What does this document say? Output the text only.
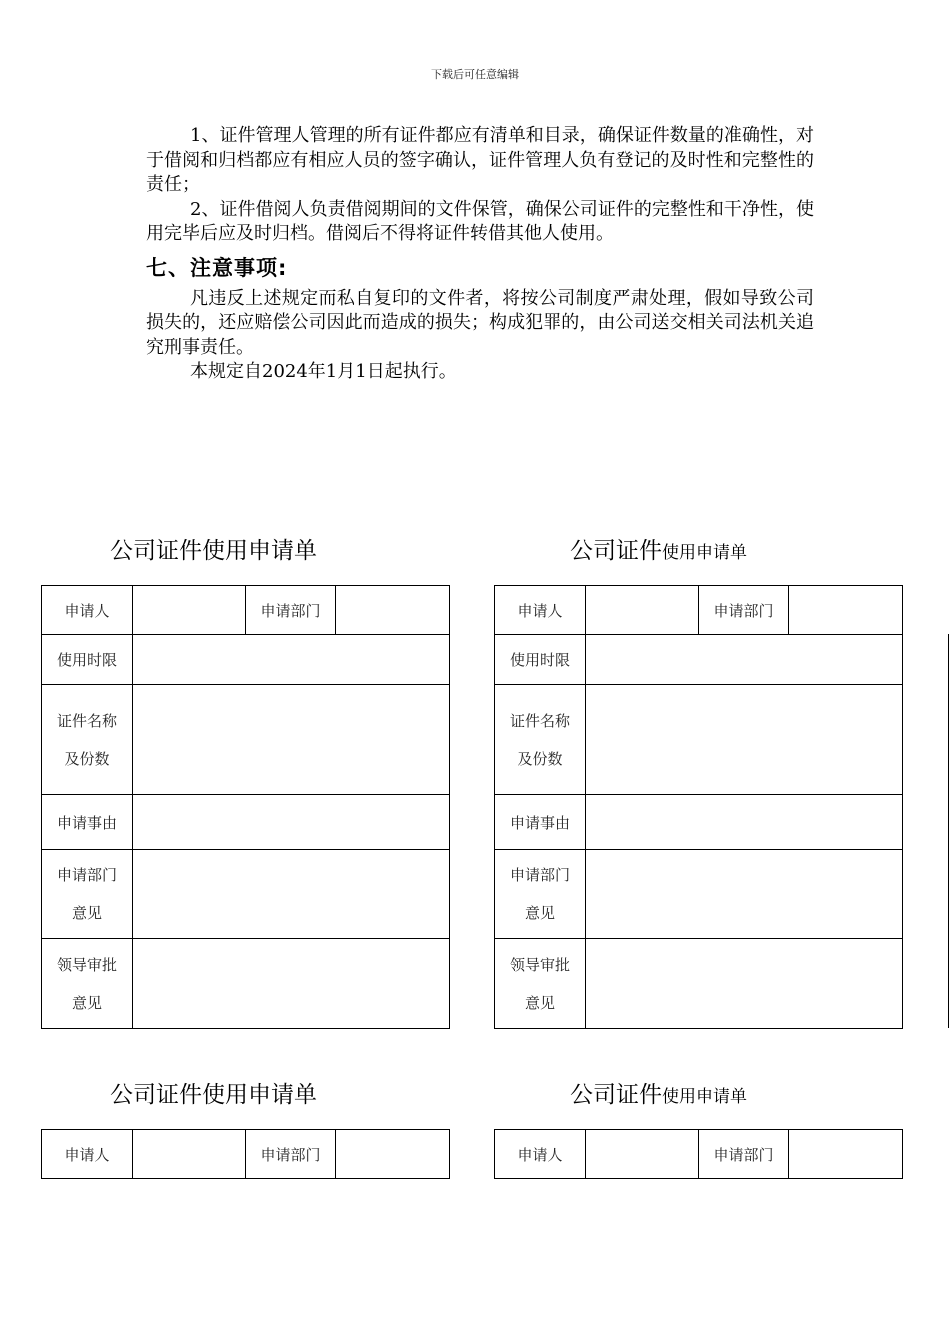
下载后可任意编辑

1、证件管理人管理的所有证件都应有清单和目录，确保证件数量的准确性，对于借阅和归档都应有相应人员的签字确认，证件管理人负有登记的及时性和完整性的责任；

2、证件借阅人负责借阅期间的文件保管，确保公司证件的完整性和干净性，使用完毕后应及时归档。借阅后不得将证件转借其他人使用。

七、注意事项:

凡违反上述规定而私自复印的文件者，将按公司制度严肃处理，假如导致公司损失的，还应赔偿公司因此而造成的损失；构成犯罪的，由公司送交相关司法机关追究刑事责任。

本规定自2024年1月1日起执行。

公司证件使用申请单	公司证件使用申请单
申请人		申请部门	
使用时限			

证件名称
及份数			

申请事由			

申请部门
意见			

领导审批
意见			

申请人		申请部门	
使用时限			

证件名称
及份数			

申请事由			

申请部门
意见			

领导审批
意见			

公司证件使用申请单	公司证件使用申请单
申请人		申请部门		申请人		申请部门	
